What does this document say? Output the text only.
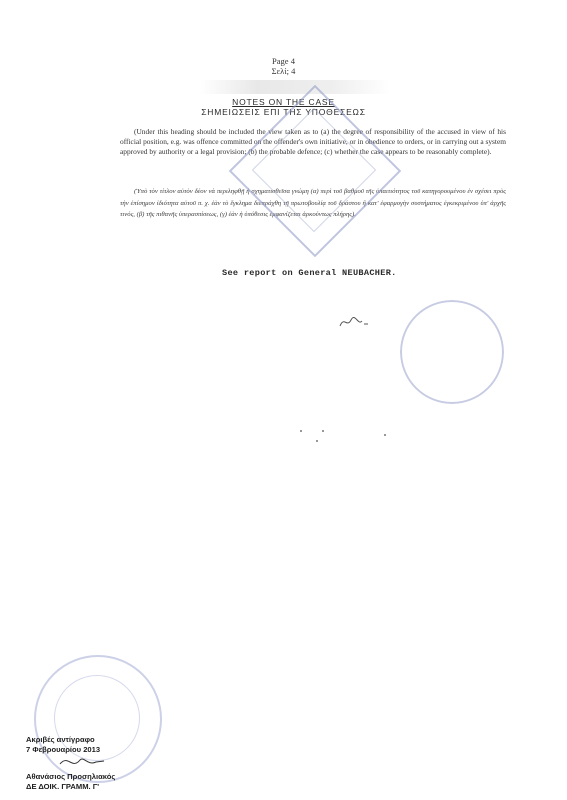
Page 4
Σελί; 4
NOTES ON THE CASE
ΣΗΜΕΙΩΣΕΙΣ ΕΠΙ ΤΗΣ ΥΠΟΘΕΣΕΩΣ
(Under this heading should be included the view taken as to (a) the degree of responsibility of the accused in view of his official position, e.g. was offence committed on the offender's own initiative, or in obedience to orders, or in carrying out a system approved by authority or a legal provision; (b) the probable defence; (c) whether the case appears to be reasonably complete).
(Ὑπὸ τὸν τίτλον αὐτὸν δέον νὰ περιληφθῇ ἡ σχηματισθεῖσα γνώμη (α) περὶ τοῦ βαθμοῦ τῆς ὑπαιτιότητος τοῦ κατηγορουμένου ἐν σχέσει πρὸς τὴν ἐπίσημον ἰδιότητα αὐτοῦ π. χ. ἐὰν τὸ ἔγκλημα διεπράχθη τῇ πρωτοβουλίᾳ τοῦ δράστου ἢ κατ' ἐφαρμογὴν συστήματος ἐγκεκριμένου ὑπ' ἀρχῆς τινός, (β) τῆς πιθανῆς ὑπερασπίσεως, (γ) ἐὰν ἡ ὑπόθεσις ἐμφανίζεται ἀρκούντως πλήρης).
See report on General NEUBACHER.
Ακριβές αντίγραφο
7 Φεβρουαρίου 2013
Αθανάσιος Προσηλιακός
ΔΕ ΔΟΙΚ. ΓΡΑΜΜ. Γ'
